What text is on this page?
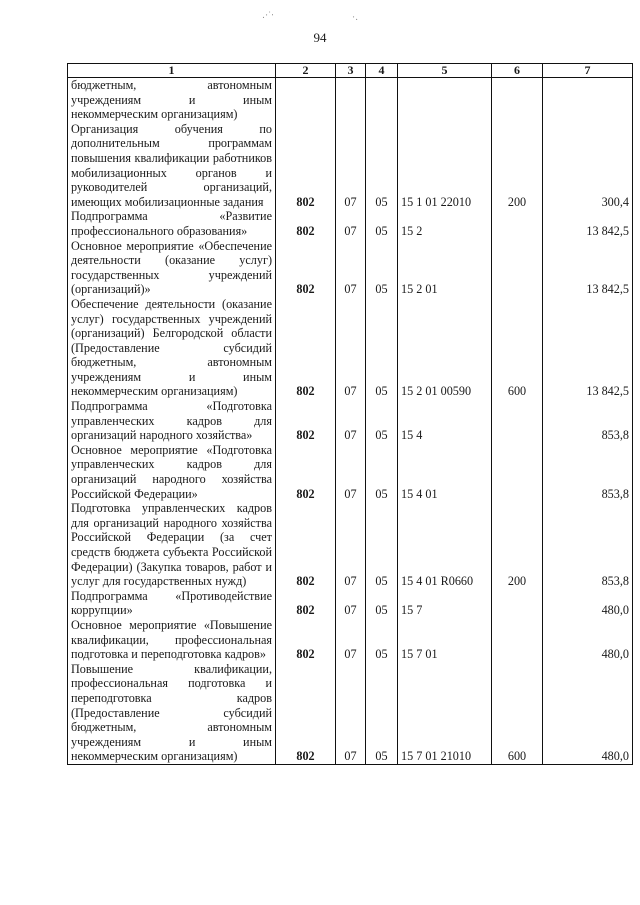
․⋅˙‧	⋅․
94
1	2	3	4	5	6	7
бюджетным, автономным учреждениям и иным некоммерческим организациям)						
Организация обучения по дополнительным программам повышения квалификации работников мобилизационных органов и руководителей организаций, имеющих мобилизационные задания	802	07	05	15 1 01 22010	200	300,4
Подпрограмма «Развитие профессионального образования»	802	07	05	15 2		13 842,5
Основное мероприятие «Обеспечение деятельности (оказание услуг) государственных учреждений (организаций)»	802	07	05	15 2 01		13 842,5
Обеспечение деятельности (оказание услуг) государственных учреждений (организаций) Белгородской области (Предоставление субсидий бюджетным, автономным учреждениям и иным некоммерческим организациям)	802	07	05	15 2 01 00590	600	13 842,5
Подпрограмма «Подготовка управленческих кадров для организаций народного хозяйства»	802	07	05	15 4		853,8
Основное мероприятие «Подготовка управленческих кадров для организаций народного хозяйства Российской Федерации»	802	07	05	15 4 01		853,8
Подготовка управленческих кадров для организаций народного хозяйства Российской Федерации (за счет средств бюджета субъекта Российской Федерации) (Закупка товаров, работ и услуг для государственных нужд)	802	07	05	15 4 01 R0660	200	853,8
Подпрограмма «Противодействие коррупции»	802	07	05	15 7		480,0
Основное мероприятие «Повышение квалификации, профессиональная подготовка и переподготовка кадров»	802	07	05	15 7 01		480,0
Повышение квалификации, профессиональная подготовка и переподготовка кадров (Предоставление субсидий бюджетным, автономным учреждениям и иным некоммерческим организациям)	802	07	05	15 7 01 21010	600	480,0
